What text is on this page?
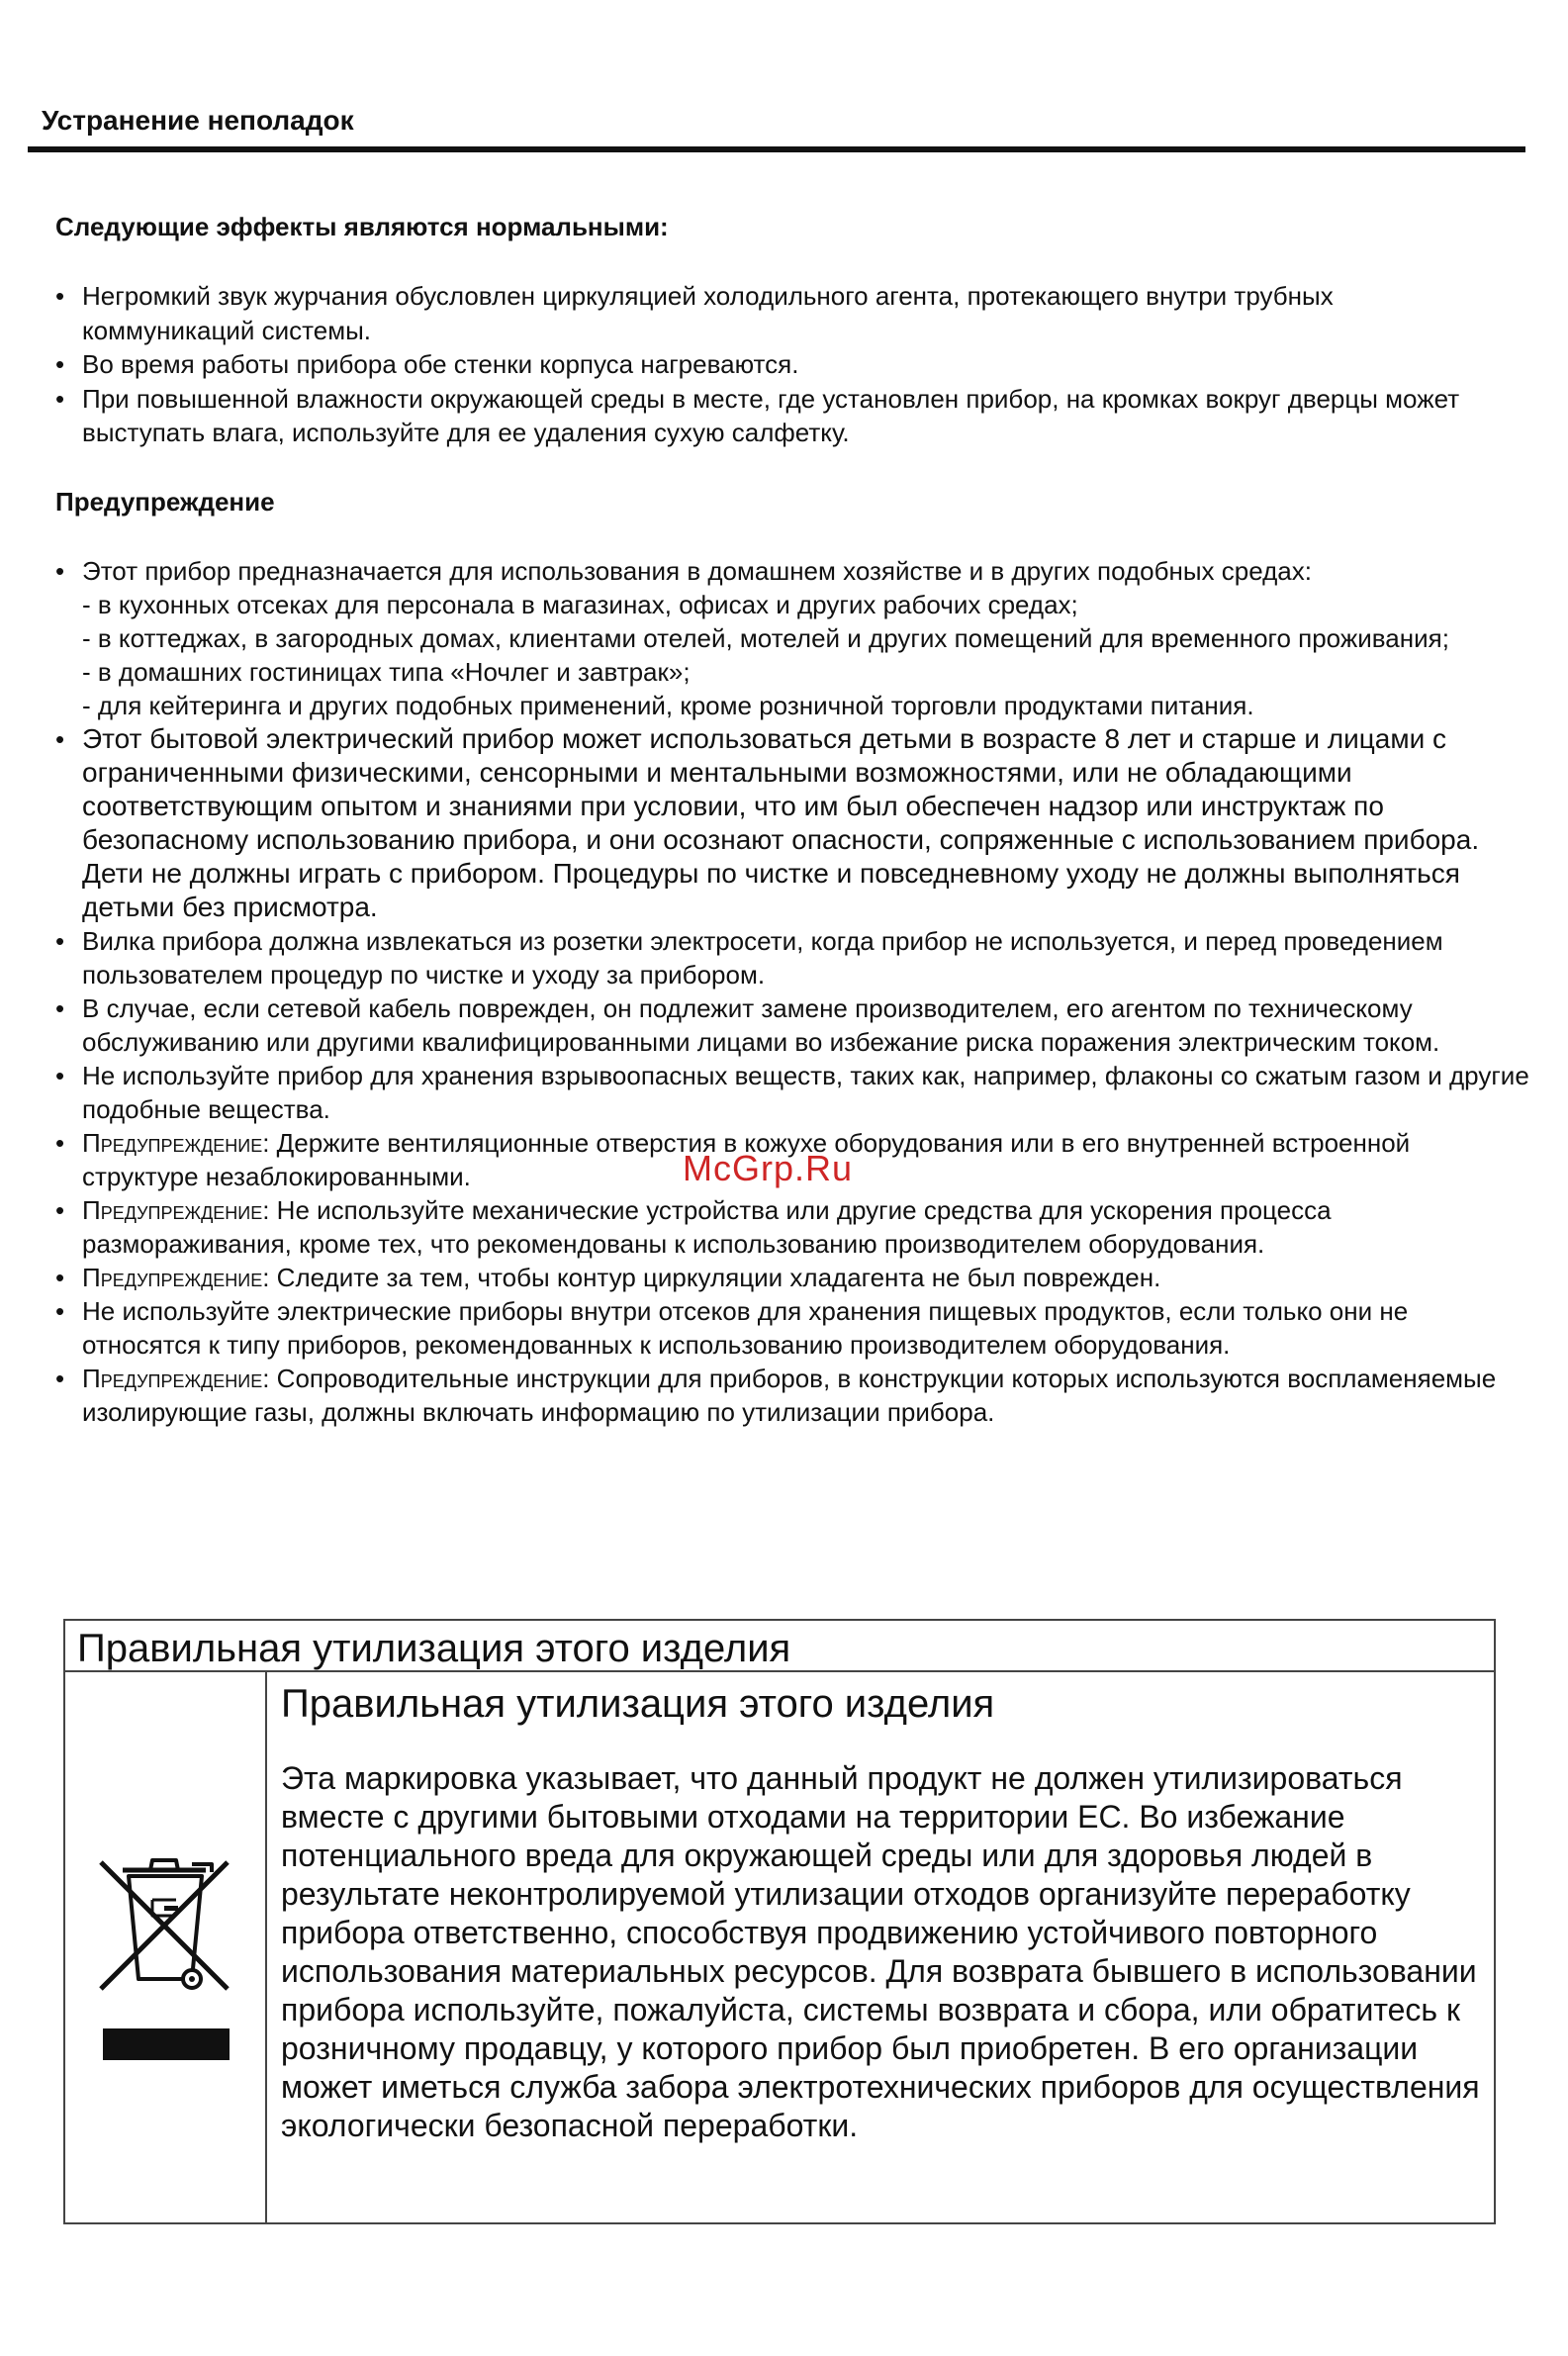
Устранение неполадок
Следующие эффекты являются нормальными:
• Негромкий звук журчания обусловлен циркуляцией холодильного агента, протекающего внутри трубных коммуникаций системы.
• Во время работы прибора обе стенки корпуса нагреваются.
• При повышенной влажности окружающей среды в месте, где установлен прибор, на кромках вокруг дверцы может выступать влага, используйте для ее удаления сухую салфетку.
Предупреждение
• Этот прибор предназначается для использования в домашнем хозяйстве и в других подобных средах:
- в кухонных отсеках для персонала в магазинах, офисах и других рабочих средах;
- в коттеджах, в загородных домах, клиентами отелей, мотелей и других помещений для временного проживания;
- в домашних гостиницах типа «Ночлег и завтрак»;
- для кейтеринга и других подобных применений, кроме розничной торговли продуктами питания.
• Этот бытовой электрический прибор может использоваться детьми в возрасте 8 лет и старше и лицами с ограниченными физическими, сенсорными и ментальными возможностями, или не обладающими соответствующим опытом и знаниями при условии, что им был обеспечен надзор или инструктаж по безопасному использованию прибора, и они осознают опасности, сопряженные с использованием прибора. Дети не должны играть с прибором. Процедуры по чистке и повседневному уходу не должны выполняться детьми без присмотра.
• Вилка прибора должна извлекаться из розетки электросети, когда прибор не используется, и перед проведением пользователем процедур по чистке и уходу за прибором.
• В случае, если сетевой кабель поврежден, он подлежит замене производителем, его агентом по техническому обслуживанию или другими квалифицированными лицами во избежание риска поражения электрическим током.
• Не используйте прибор для хранения взрывоопасных веществ, таких как, например, флаконы со сжатым газом и другие подобные вещества.
• Предупреждение: Держите вентиляционные отверстия в кожухе оборудования или в его внутренней встроенной структуре незаблокированными.
• Предупреждение: Не используйте механические устройства или другие средства для ускорения процесса размораживания, кроме тех, что рекомендованы к использованию производителем оборудования.
• Предупреждение: Следите за тем, чтобы контур циркуляции хладагента не был поврежден.
• Не используйте электрические приборы внутри отсеков для хранения пищевых продуктов, если только они не относятся к типу приборов, рекомендованных к использованию производителем оборудования.
• Предупреждение: Сопроводительные инструкции для приборов, в конструкции которых используются воспламеняемые изолирующие газы, должны включать информацию по утилизации прибора.
McGrp.Ru
Правильная утилизация этого изделия
Правильная утилизация этого изделия

Эта маркировка указывает, что данный продукт не должен утилизироваться вместе с другими бытовыми отходами на территории ЕС. Во избежание потенциального вреда для окружающей среды или для здоровья людей в результате неконтролируемой утилизации отходов организуйте переработку прибора ответственно, способствуя продвижению устойчивого повторного использования материальных ресурсов. Для возврата бывшего в использовании прибора используйте, пожалуйста, системы возврата и сбора, или обратитесь к розничному продавцу, у которого прибор был приобретен. В его организации может иметься служба забора электротехнических приборов для осуществления экологически безопасной переработки.
